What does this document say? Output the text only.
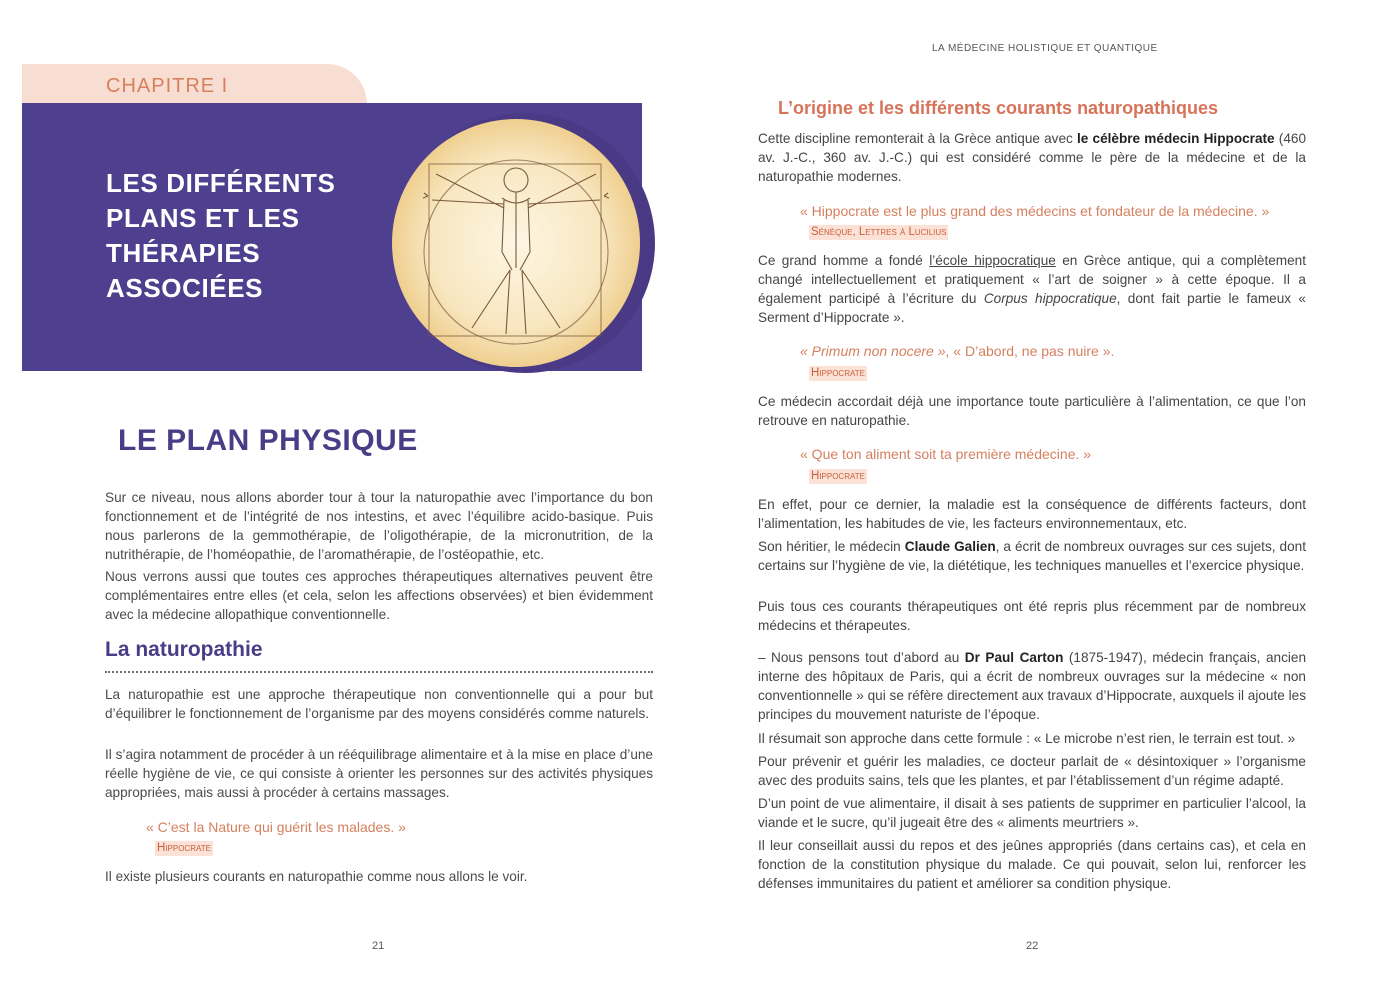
CHAPITRE I
LES DIFFÉRENTS PLANS ET LES THÉRAPIES ASSOCIÉES
LE PLAN PHYSIQUE

Sur ce niveau, nous allons aborder tour à tour la naturopathie avec l’importance du bon fonctionnement et de l’intégrité de nos intestins, et avec l’équilibre acido-basique. Puis nous parlerons de la gemmothérapie, de l’oligothérapie, de la micronutrition, de la nutrithérapie, de l’homéopathie, de l’aromathérapie, de l’ostéopathie, etc.

Nous verrons aussi que toutes ces approches thérapeutiques alternatives peuvent être complémentaires entre elles (et cela, selon les affections observées) et bien évidemment avec la médecine allopathique conventionnelle.

La naturopathie

La naturopathie est une approche thérapeutique non conventionnelle qui a pour but d’équilibrer le fonctionnement de l’organisme par des moyens considérés comme naturels.

Il s’agira notamment de procéder à un rééquilibrage alimentaire et à la mise en place d’une réelle hygiène de vie, ce qui consiste à orienter les personnes sur des activités physiques appropriées, mais aussi à procéder à certains massages.

« C’est la Nature qui guérit les malades. »

Hippocrate

Il existe plusieurs courants en naturopathie comme nous allons le voir.

21
LA MÉDECINE HOLISTIQUE ET QUANTIQUE
L’origine et les différents courants naturopathiques

Cette discipline remonterait à la Grèce antique avec le célèbre médecin Hippocrate (460 av. J.-C., 360 av. J.-C.) qui est considéré comme le père de la médecine et de la naturopathie modernes.

« Hippocrate est le plus grand des médecins et fondateur de la médecine. »

Sénèque, Lettres à Lucilius

Ce grand homme a fondé l’école hippocratique en Grèce antique, qui a complètement changé intellectuellement et pratiquement « l’art de soigner » à cette époque. Il a également participé à l’écriture du Corpus hippocratique, dont fait partie le fameux « Serment d’Hippocrate ».

« Primum non nocere », « D’abord, ne pas nuire ».

Hippocrate

Ce médecin accordait déjà une importance toute particulière à l’alimentation, ce que l’on retrouve en naturopathie.

« Que ton aliment soit ta première médecine. »

Hippocrate

En effet, pour ce dernier, la maladie est la conséquence de différents facteurs, dont l’alimentation, les habitudes de vie, les facteurs environnementaux, etc.

Son héritier, le médecin Claude Galien, a écrit de nombreux ouvrages sur ces sujets, dont certains sur l’hygiène de vie, la diététique, les techniques manuelles et l’exercice physique.

Puis tous ces courants thérapeutiques ont été repris plus récemment par de nombreux médecins et thérapeutes.

– Nous pensons tout d’abord au Dr Paul Carton (1875-1947), médecin français, ancien interne des hôpitaux de Paris, qui a écrit de nombreux ouvrages sur la médecine « non conventionnelle » qui se réfère directement aux travaux d’Hippocrate, auxquels il ajoute les principes du mouvement naturiste de l’époque.

Il résumait son approche dans cette formule : « Le microbe n’est rien, le terrain est tout. »

Pour prévenir et guérir les maladies, ce docteur parlait de « désintoxiquer » l’organisme avec des produits sains, tels que les plantes, et par l’établissement d’un régime adapté.

D’un point de vue alimentaire, il disait à ses patients de supprimer en particulier l’alcool, la viande et le sucre, qu’il jugeait être des « aliments meurtriers ».

Il leur conseillait aussi du repos et des jeûnes appropriés (dans certains cas), et cela en fonction de la constitution physique du malade. Ce qui pouvait, selon lui, renforcer les défenses immunitaires du patient et améliorer sa condition physique.

22
